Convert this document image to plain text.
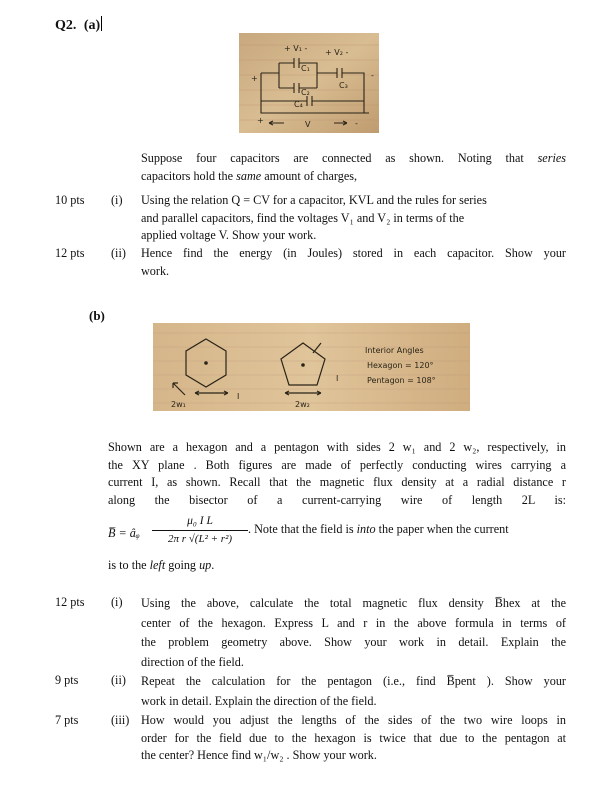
Q2. (a)
+ V₁ - + V₂ -
C₁
C₂
C₃
C₄
+
+	V	-
-
Suppose four capacitors are connected as shown. Noting that series
capacitors hold the same amount of charges,
10 pts (i) Using the relation Q = CV for a capacitor, KVL and the rules for series
and parallel capacitors, find the voltages V₁ and V₂ in terms of the
applied voltage V. Show your work.
12 pts (ii) Hence find the energy (in Joules) stored in each capacitor. Show your
work.
(b)
I
I
2w₁	2w₂
Interior Angles
Hexagon = 120°
Pentagon = 108°
Shown are a hexagon and a pentagon with sides 2 w₁ and 2 w₂, respectively, in
the XY plane . Both figures are made of perfectly conducting wires carrying a
current I, as shown. Recall that the magnetic flux density at a radial distance r
along the bisector of a current-carrying wire of length 2L is:
B̅ = âᵩ
μ₀ I L
2π r √(L² + r²)
. Note that the field is into the paper when the current
is to the left going up.
12 pts (i) Using the above, calculate the total magnetic flux density B̅hex at the
center of the hexagon. Express L and r in the above formula in terms of
the problem geometry above. Show your work in detail. Explain the
direction of the field.
9 pts	(ii) Repeat the calculation for the pentagon (i.e., find B̅pent ). Show your
work in detail. Explain the direction of the field.
7 pts	(iii) How would you adjust the lengths of the sides of the two wire loops in
order for the field due to the hexagon is twice that due to the pentagon at
the center? Hence find w₁/w₂ . Show your work.
